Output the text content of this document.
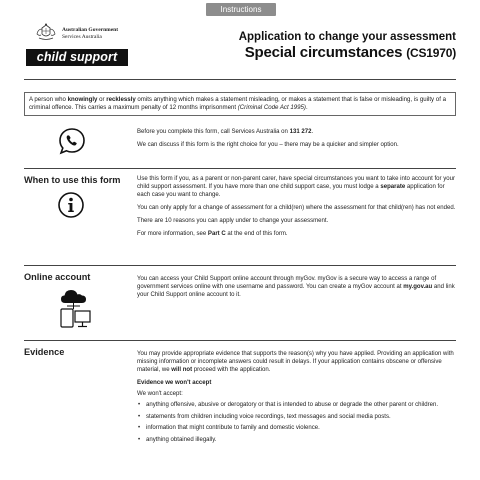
Instructions
Australian Government
Services Australia
child support
Application to change your assessment
Special circumstances (CS1970)
A person who knowingly or recklessly omits anything which makes a statement misleading, or makes a statement that is false or misleading, is guilty of a criminal offence. This carries a maximum penalty of 12 months imprisonment (Criminal Code Act 1995).

Before you complete this form, call Services Australia on 131 272.

We can discuss if this form is the right choice for you – there may be a quicker and simpler option.

When to use this form	Use this form if you, as a parent or non-parent carer, have special circumstances you want to take into account for your child support assessment. If you have more than one child support case, you must lodge a separate application for each case you want to change.

You can only apply for a change of assessment for a child(ren) where the assessment for that child(ren) has not ended.

There are 10 reasons you can apply under to change your assessment.

For more information, see Part C at the end of this form.

Online account	You can access your Child Support online account through myGov. myGov is a secure way to access a range of government services online with one username and password. You can create a myGov account at my.gov.au and link your Child Support online account to it.

Evidence	You may provide appropriate evidence that supports the reason(s) why you have applied. Providing an application with missing information or incomplete answers could result in delays. If your application contains obscene or offensive material, we will not proceed with the application.

Evidence we won't accept

We won't accept:

• anything offensive, abusive or derogatory or that is intended to abuse or degrade the other parent or children.
• statements from children including voice recordings, text messages and social media posts.
• information that might contribute to family and domestic violence.
• anything obtained illegally.
